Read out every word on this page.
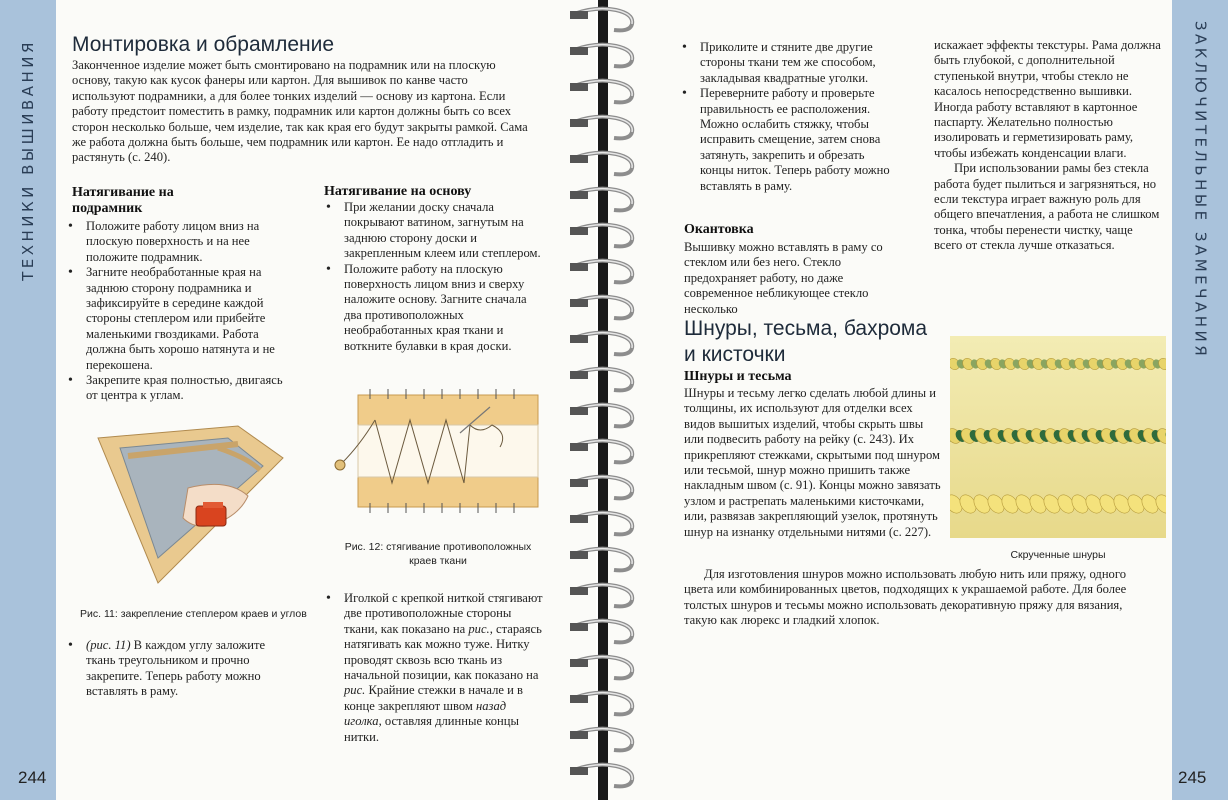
ТЕХНИКИ ВЫШИВАНИЯ Монтировка и обрамление

Законченное изделие может быть смонтировано на подрамник или на плоскую основу, такую как кусок фанеры или картон. Для вышивок по канве часто используют подрамники, а для более тонких изделий — основу из картона. Если работу предстоит поместить в рамку, подрамник или картон должны быть со всех сторон несколько больше, чем изделие, так как края его будут закрыты рамкой. Сама же работа должна быть больше, чем подрамник или картон. Ее надо отгладить и растянуть (с. 240).

Натягивание на подрамник
• Положите работу лицом вниз на плоскую поверхность и на нее положите подрамник.
• Загните необработанные края на заднюю сторону подрамника и зафиксируйте в середине каждой стороны степлером или прибейте маленькими гвоздиками. Работа должна быть хорошо натянута и не перекошена.
• Закрепите края полностью, двигаясь от центра к углам.
Рис. 11: закрепление степлером краев и углов
• (рис. 11) В каждом углу заложите ткань треугольником и прочно закрепите. Теперь работу можно вставлять в раму.
Натягивание на основу
• При желании доску сначала покрывают ватином, загнутым на заднюю сторону доски и закрепленным клеем или степлером.
• Положите работу на плоскую поверхность лицом вниз и сверху наложите основу. Загните сначала два противоположных необработанных края ткани и воткните булавки в края доски.
Рис. 12: стягивание противоположных краев ткани
• Иголкой с крепкой ниткой стягивают две противоположные стороны ткани, как показано на рис., стараясь натягивать как можно туже. Нитку проводят сквозь всю ткань из начальной позиции, как показано на рис. Крайние стежки в начале и в конце закрепляют швом назад иголка, оставляя длинные концы нитки.
244
ЗАКЛЮЧИТЕЛЬНЫЕ ЗАМЕЧАНИЯ
• Приколите и стяните две другие стороны ткани тем же способом, закладывая квадратные уголки.
• Переверните работу и проверьте правильность ее расположения. Можно ослабить стяжку, чтобы исправить смещение, затем снова затянуть, закрепить и обрезать концы ниток. Теперь работу можно вставлять в раму.
Окантовка

Вышивку можно вставлять в раму со стеклом или без него. Стекло предохраняет работу, но даже современное небликующее стекло несколько

искажает эффекты текстуры. Рама должна быть глубокой, с дополнительной ступенькой внутри, чтобы стекло не касалось непосредственно вышивки. Иногда работу вставляют в картонное паспарту. Желательно полностью изолировать и герметизировать раму, чтобы избежать конденсации влаги.

При использовании рамы без стекла работа будет пылиться и загрязняться, но если текстура играет важную роль для общего впечатления, а работа не слишком тонка, чтобы перенести чистку, чаще всего от стекла лучше отказаться.

Шнуры, тесьма, бахрома
и кисточки
Шнуры и тесьма

Шнуры и тесьму легко сделать любой длины и толщины, их используют для отделки всех видов вышитых изделий, чтобы скрыть швы или подвесить работу на рейку (с. 243). Их прикрепляют стежками, скрытыми под шнуром или тесьмой, шнур можно пришить также накладным швом (с. 91). Концы можно завязать узлом и растрепать маленькими кисточками, или, развязав закрепляющий узелок, протянуть шнур на изнанку отдельными нитями (с. 227).

Для изготовления шнуров можно использовать любую нить или пряжу, одного цвета или комбинированных цветов, подходящих к украшаемой работе. Для более толстых шнуров и тесьмы можно использовать декоративную пряжу для вязания, такую как люрекс и гладкий хлопок.

Скрученные шнуры
245
